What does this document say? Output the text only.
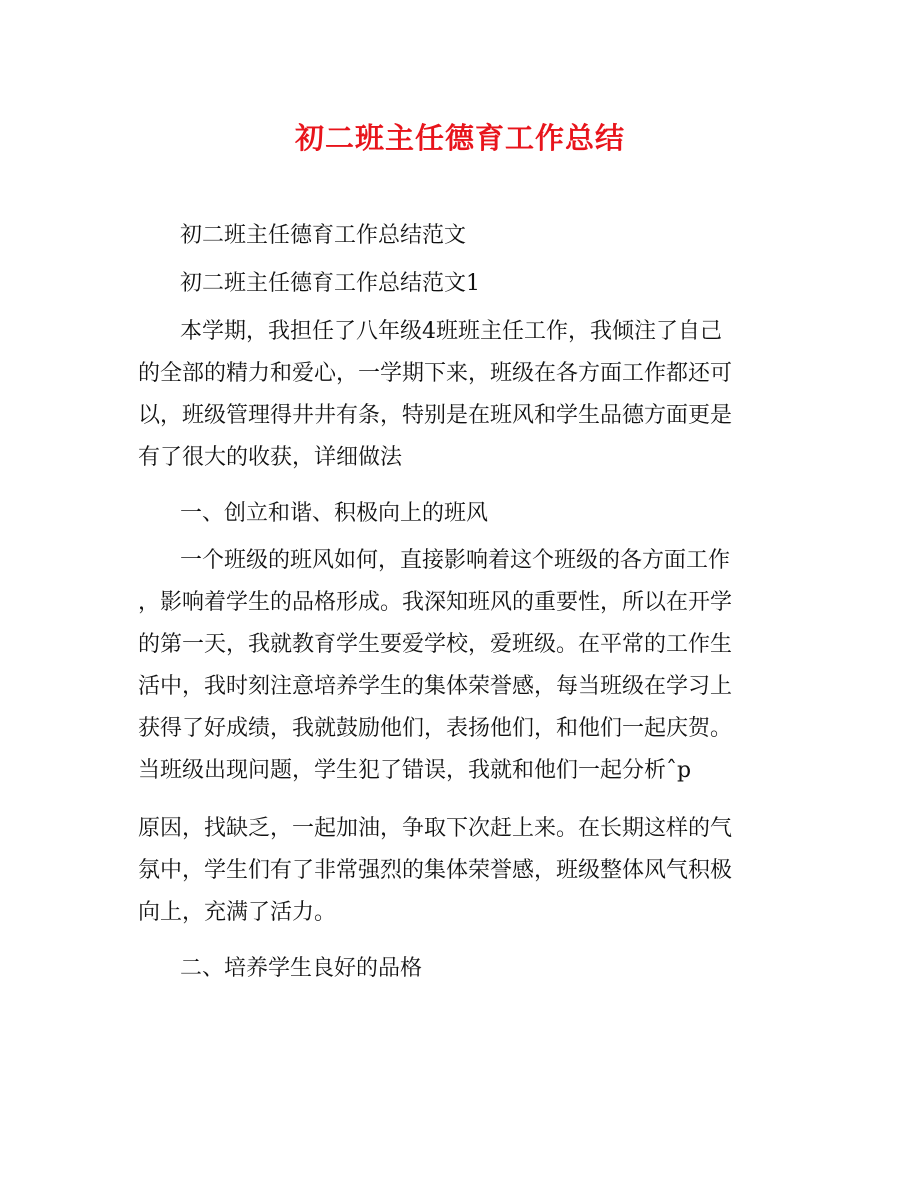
初二班主任德育工作总结
初二班主任德育工作总结范文
初二班主任德育工作总结范文1
本学期，我担任了八年级4班班主任工作，我倾注了自己
的全部的精力和爱心，一学期下来，班级在各方面工作都还可
以，班级管理得井井有条，特别是在班风和学生品德方面更是
有了很大的收获，详细做法
一、创立和谐、积极向上的班风
一个班级的班风如何，直接影响着这个班级的各方面工作
，影响着学生的品格形成。我深知班风的重要性，所以在开学
的第一天，我就教育学生要爱学校，爱班级。在平常的工作生
活中，我时刻注意培养学生的集体荣誉感，每当班级在学习上
获得了好成绩，我就鼓励他们，表扬他们，和他们一起庆贺。
当班级出现问题，学生犯了错误，我就和他们一起分析ˆp
原因，找缺乏，一起加油，争取下次赶上来。在长期这样的气
氛中，学生们有了非常强烈的集体荣誉感，班级整体风气积极
向上，充满了活力。
二、培养学生良好的品格
